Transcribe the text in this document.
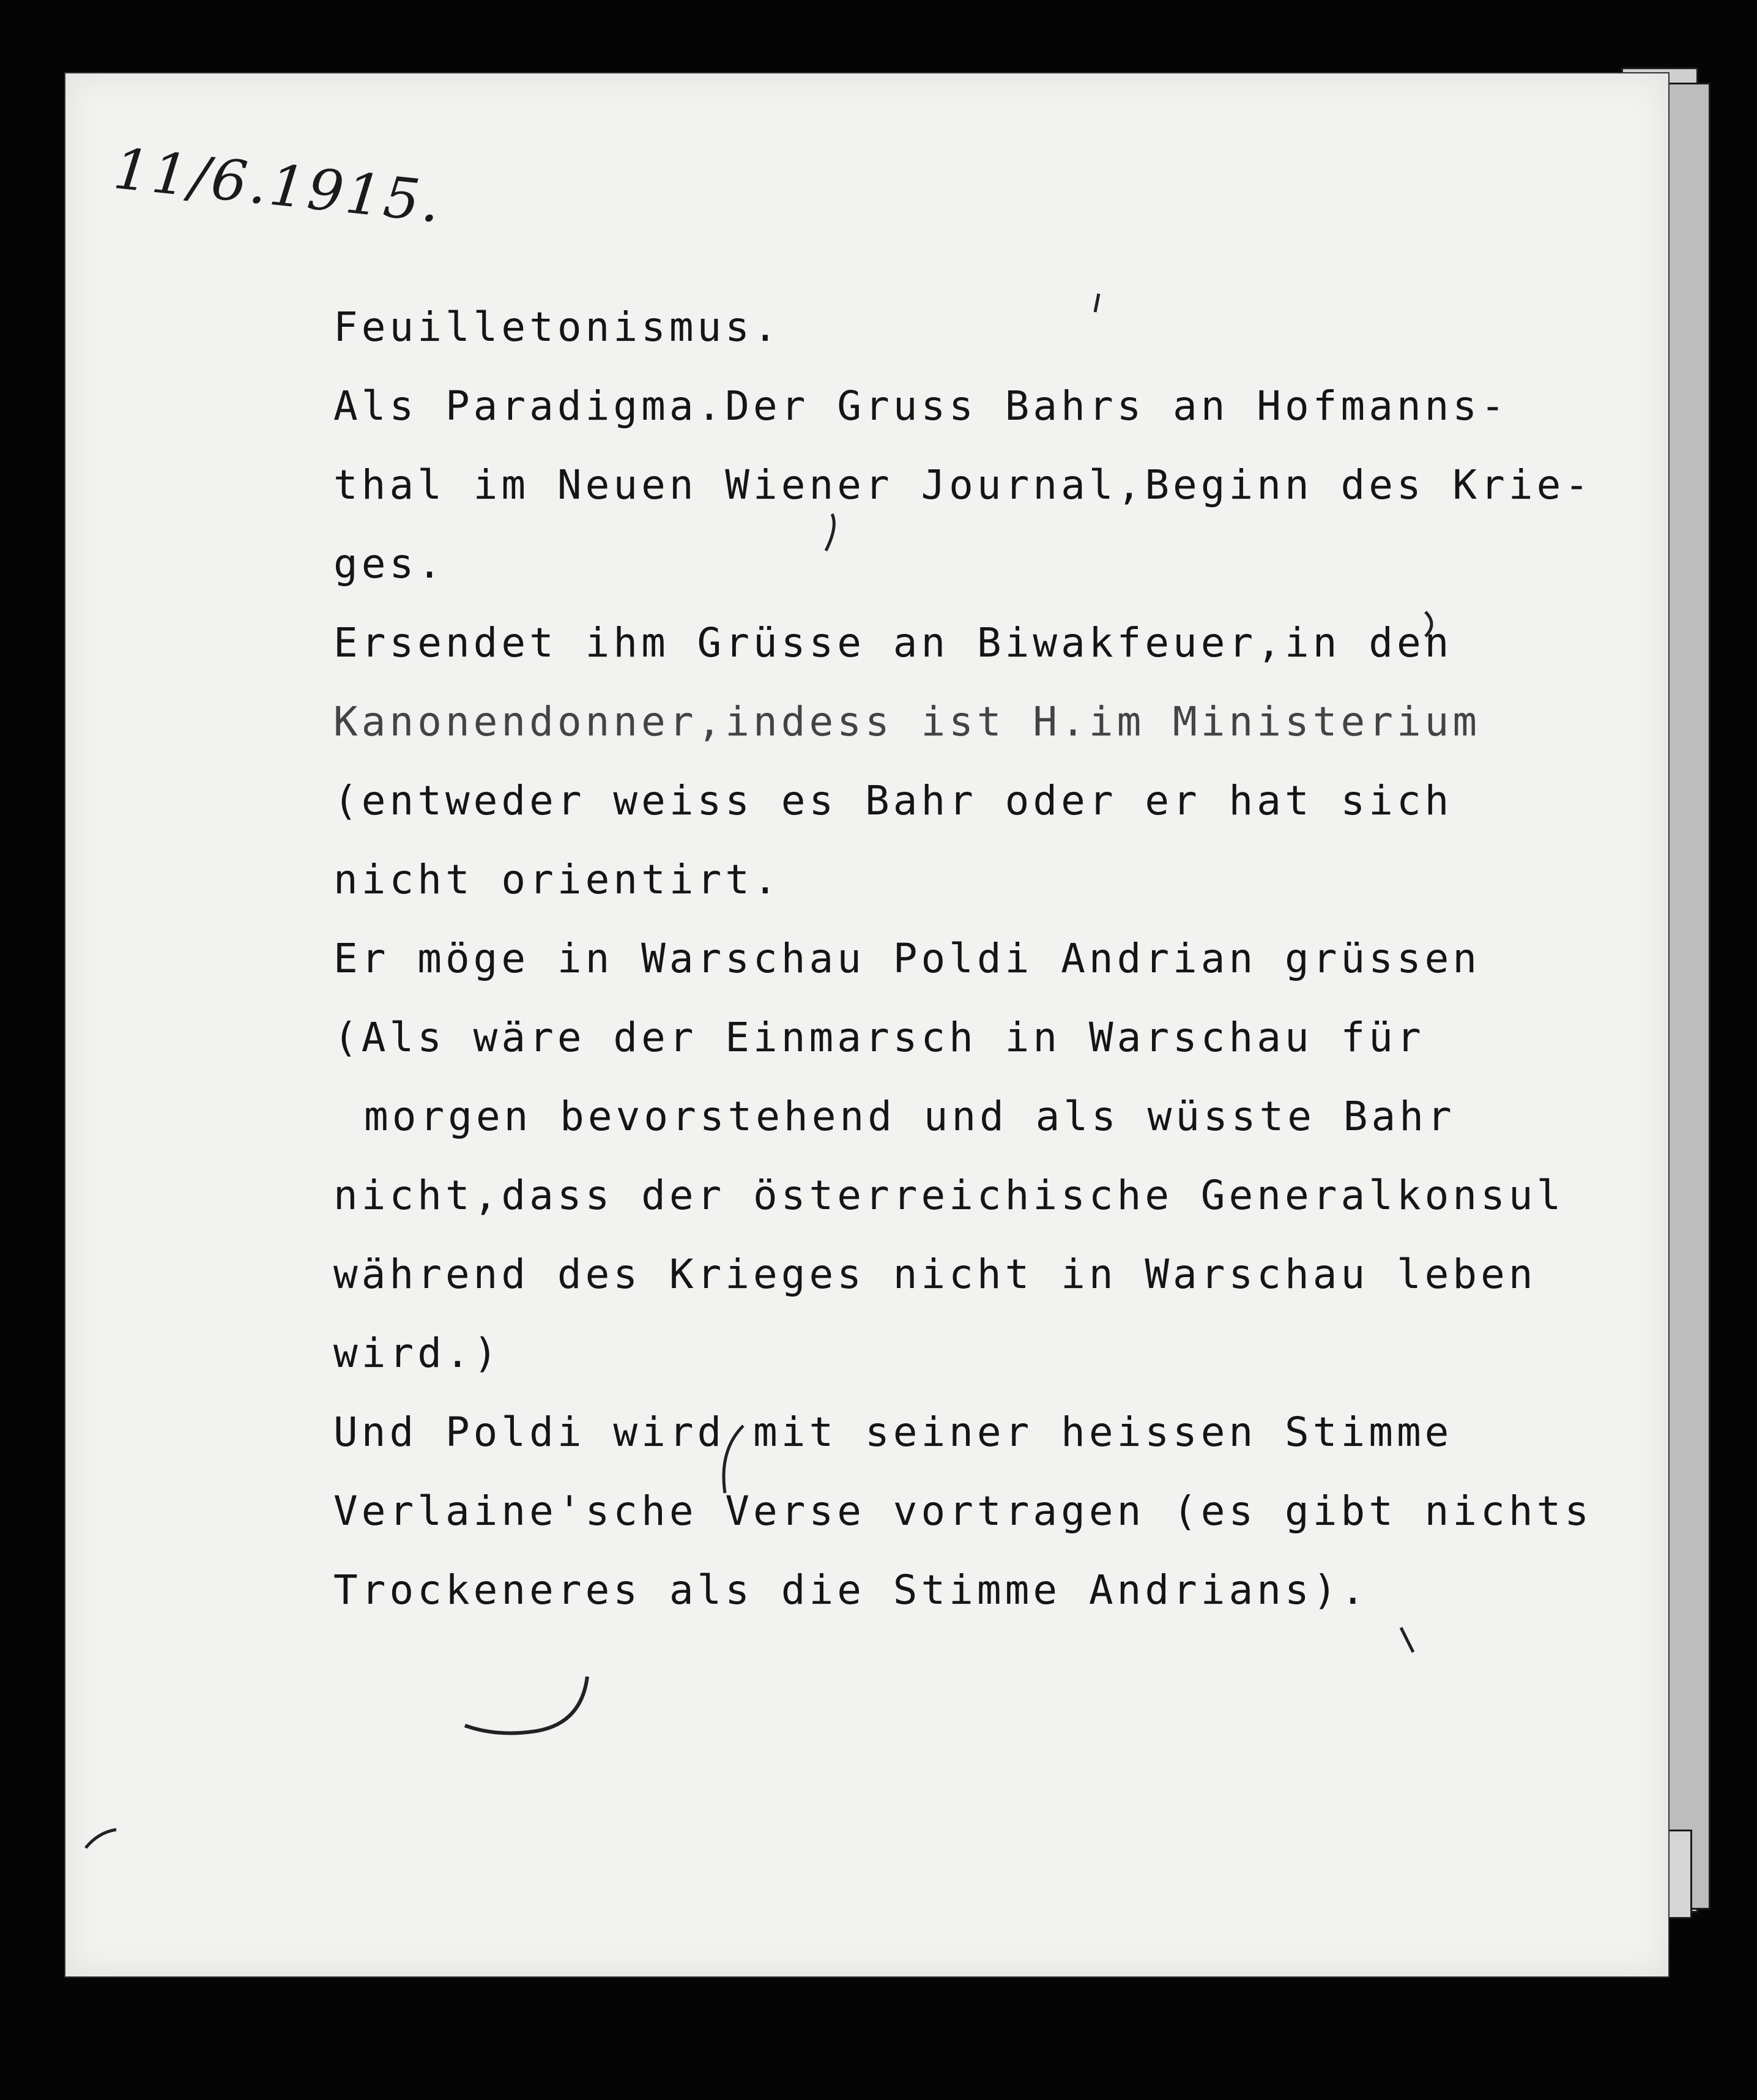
11/6.1915.
Feuilletonismus.
Als Paradigma.Der Gruss Bahrs an Hofmanns-
thal im Neuen Wiener Journal,Beginn des Krie-
ges.
Ersendet ihm Grüsse an Biwakfeuer,in den
Kanonendonner,indess ist H.im Ministerium
(entweder weiss es Bahr oder er hat sich
nicht orientirt.
Er möge in Warschau Poldi Andrian grüssen
(Als wäre der Einmarsch in Warschau für
morgen bevorstehend und als wüsste Bahr
nicht,dass der österreichische Generalkonsul
während des Krieges nicht in Warschau leben
wird.)
Und Poldi wird mit seiner heissen Stimme
Verlaine'sche Verse vortragen (es gibt nichts
Trockeneres als die Stimme Andrians).
